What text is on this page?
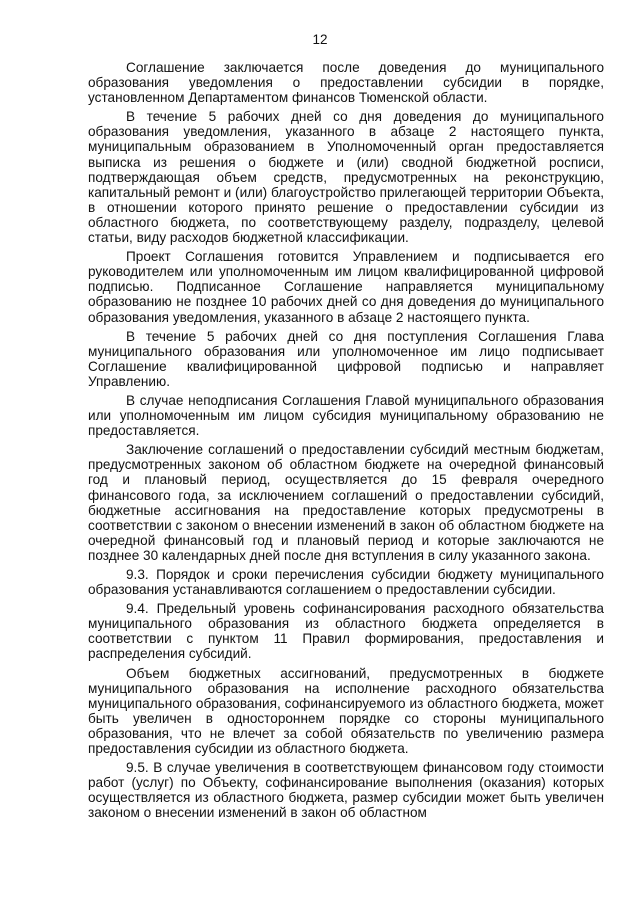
12

Соглашение заключается после доведения до муниципального образования уведомления о предоставлении субсидии в порядке, установленном Департаментом финансов Тюменской области.

В течение 5 рабочих дней со дня доведения до муниципального образования уведомления, указанного в абзаце 2 настоящего пункта, муниципальным образованием в Уполномоченный орган предоставляется выписка из решения о бюджете и (или) сводной бюджетной росписи, подтверждающая объем средств, предусмотренных на реконструкцию, капитальный ремонт и (или) благоустройство прилегающей территории Объекта, в отношении которого принято решение о предоставлении субсидии из областного бюджета, по соответствующему разделу, подразделу, целевой статьи, виду расходов бюджетной классификации.

Проект Соглашения готовится Управлением и подписывается его руководителем или уполномоченным им лицом квалифицированной цифровой подписью. Подписанное Соглашение направляется муниципальному образованию не позднее 10 рабочих дней со дня доведения до муниципального образования уведомления, указанного в абзаце 2 настоящего пункта.

В течение 5 рабочих дней со дня поступления Соглашения Глава муниципального образования или уполномоченное им лицо подписывает Соглашение квалифицированной цифровой подписью и направляет Управлению.

В случае неподписания Соглашения Главой муниципального образования или уполномоченным им лицом субсидия муниципальному образованию не предоставляется.

Заключение соглашений о предоставлении субсидий местным бюджетам, предусмотренных законом об областном бюджете на очередной финансовый год и плановый период, осуществляется до 15 февраля очередного финансового года, за исключением соглашений о предоставлении субсидий, бюджетные ассигнования на предоставление которых предусмотрены в соответствии с законом о внесении изменений в закон об областном бюджете на очередной финансовый год и плановый период и которые заключаются не позднее 30 календарных дней после дня вступления в силу указанного закона.

9.3. Порядок и сроки перечисления субсидии бюджету муниципального образования устанавливаются соглашением о предоставлении субсидии.

9.4. Предельный уровень софинансирования расходного обязательства муниципального образования из областного бюджета определяется в соответствии с пунктом 11 Правил формирования, предоставления и распределения субсидий.

Объем бюджетных ассигнований, предусмотренных в бюджете муниципального образования на исполнение расходного обязательства муниципального образования, софинансируемого из областного бюджета, может быть увеличен в одностороннем порядке со стороны муниципального образования, что не влечет за собой обязательств по увеличению размера предоставления субсидии из областного бюджета.

9.5. В случае увеличения в соответствующем финансовом году стоимости работ (услуг) по Объекту, софинансирование выполнения (оказания) которых осуществляется из областного бюджета, размер субсидии может быть увеличен законом о внесении изменений в закон об областном
